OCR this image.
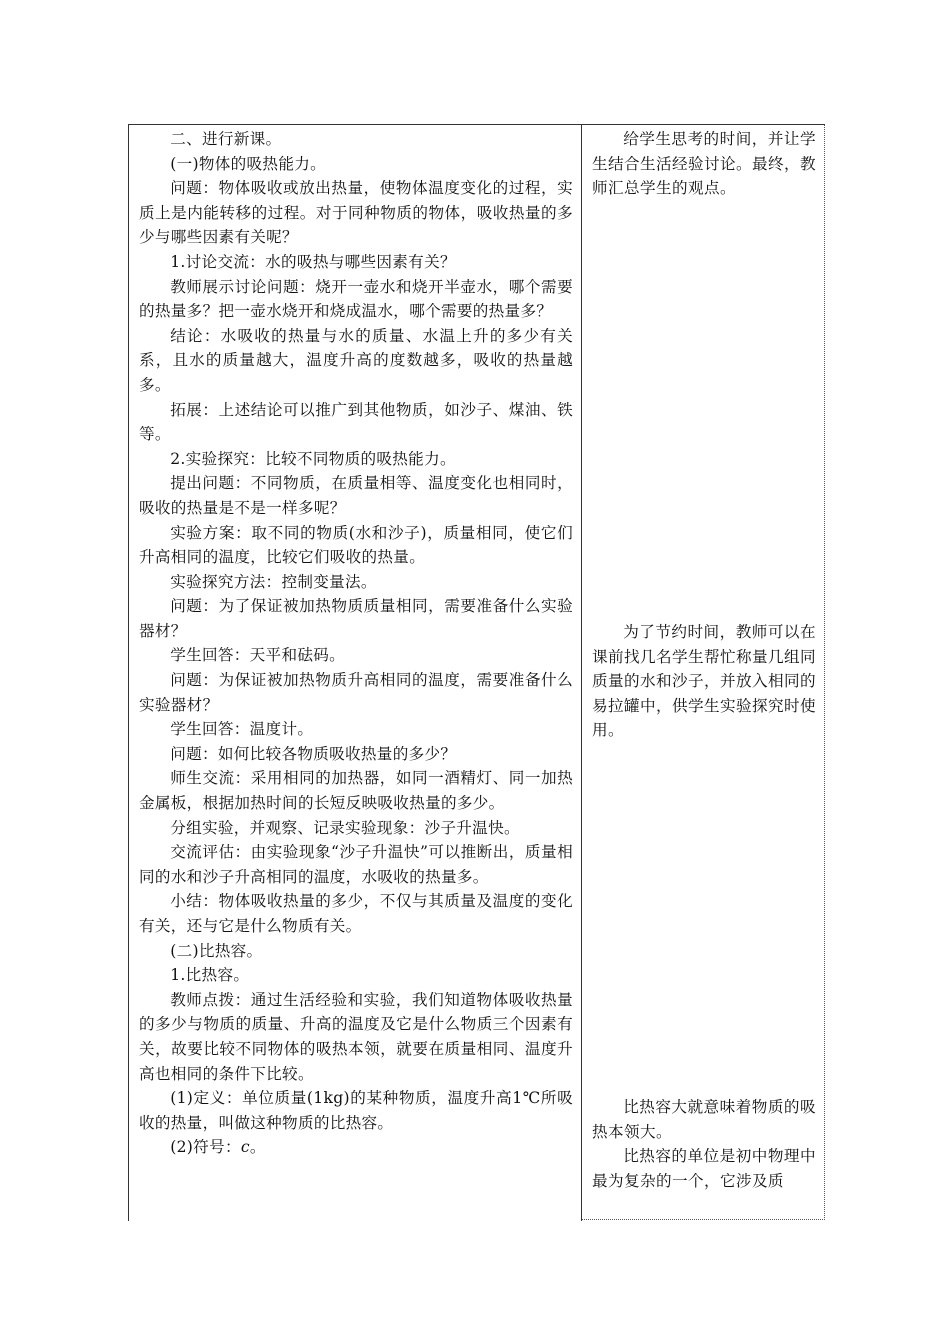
二、进行新课。

(一)物体的吸热能力。

问题：物体吸收或放出热量，使物体温度变化的过程，实质上是内能转移的过程。对于同种物质的物体，吸收热量的多少与哪些因素有关呢？

1.讨论交流：水的吸热与哪些因素有关？

教师展示讨论问题：烧开一壶水和烧开半壶水，哪个需要的热量多？把一壶水烧开和烧成温水，哪个需要的热量多？

结论：水吸收的热量与水的质量、水温上升的多少有关系，且水的质量越大，温度升高的度数越多，吸收的热量越多。

拓展：上述结论可以推广到其他物质，如沙子、煤油、铁等。

2.实验探究：比较不同物质的吸热能力。

提出问题：不同物质，在质量相等、温度变化也相同时，吸收的热量是不是一样多呢？

实验方案：取不同的物质(水和沙子)，质量相同，使它们升高相同的温度，比较它们吸收的热量。

实验探究方法：控制变量法。

问题：为了保证被加热物质质量相同，需要准备什么实验器材？

学生回答：天平和砝码。

问题：为保证被加热物质升高相同的温度，需要准备什么实验器材？

学生回答：温度计。

问题：如何比较各物质吸收热量的多少？

师生交流：采用相同的加热器，如同一酒精灯、同一加热金属板，根据加热时间的长短反映吸收热量的多少。

分组实验，并观察、记录实验现象：沙子升温快。

交流评估：由实验现象“沙子升温快”可以推断出，质量相同的水和沙子升高相同的温度，水吸收的热量多。

小结：物体吸收热量的多少，不仅与其质量及温度的变化有关，还与它是什么物质有关。

(二)比热容。

1.比热容。

教师点拨：通过生活经验和实验，我们知道物体吸收热量的多少与物质的质量、升高的温度及它是什么物质三个因素有关，故要比较不同物体的吸热本领，就要在质量相同、温度升高也相同的条件下比较。

(1)定义：单位质量(1kg)的某种物质，温度升高1℃所吸收的热量，叫做这种物质的比热容。

(2)符号：c。

给学生思考的时间，并让学生结合生活经验讨论。最终，教师汇总学生的观点。

为了节约时间，教师可以在课前找几名学生帮忙称量几组同质量的水和沙子，并放入相同的易拉罐中，供学生实验探究时使用。

比热容大就意味着物质的吸热本领大。

比热容的单位是初中物理中最为复杂的一个，它涉及质
